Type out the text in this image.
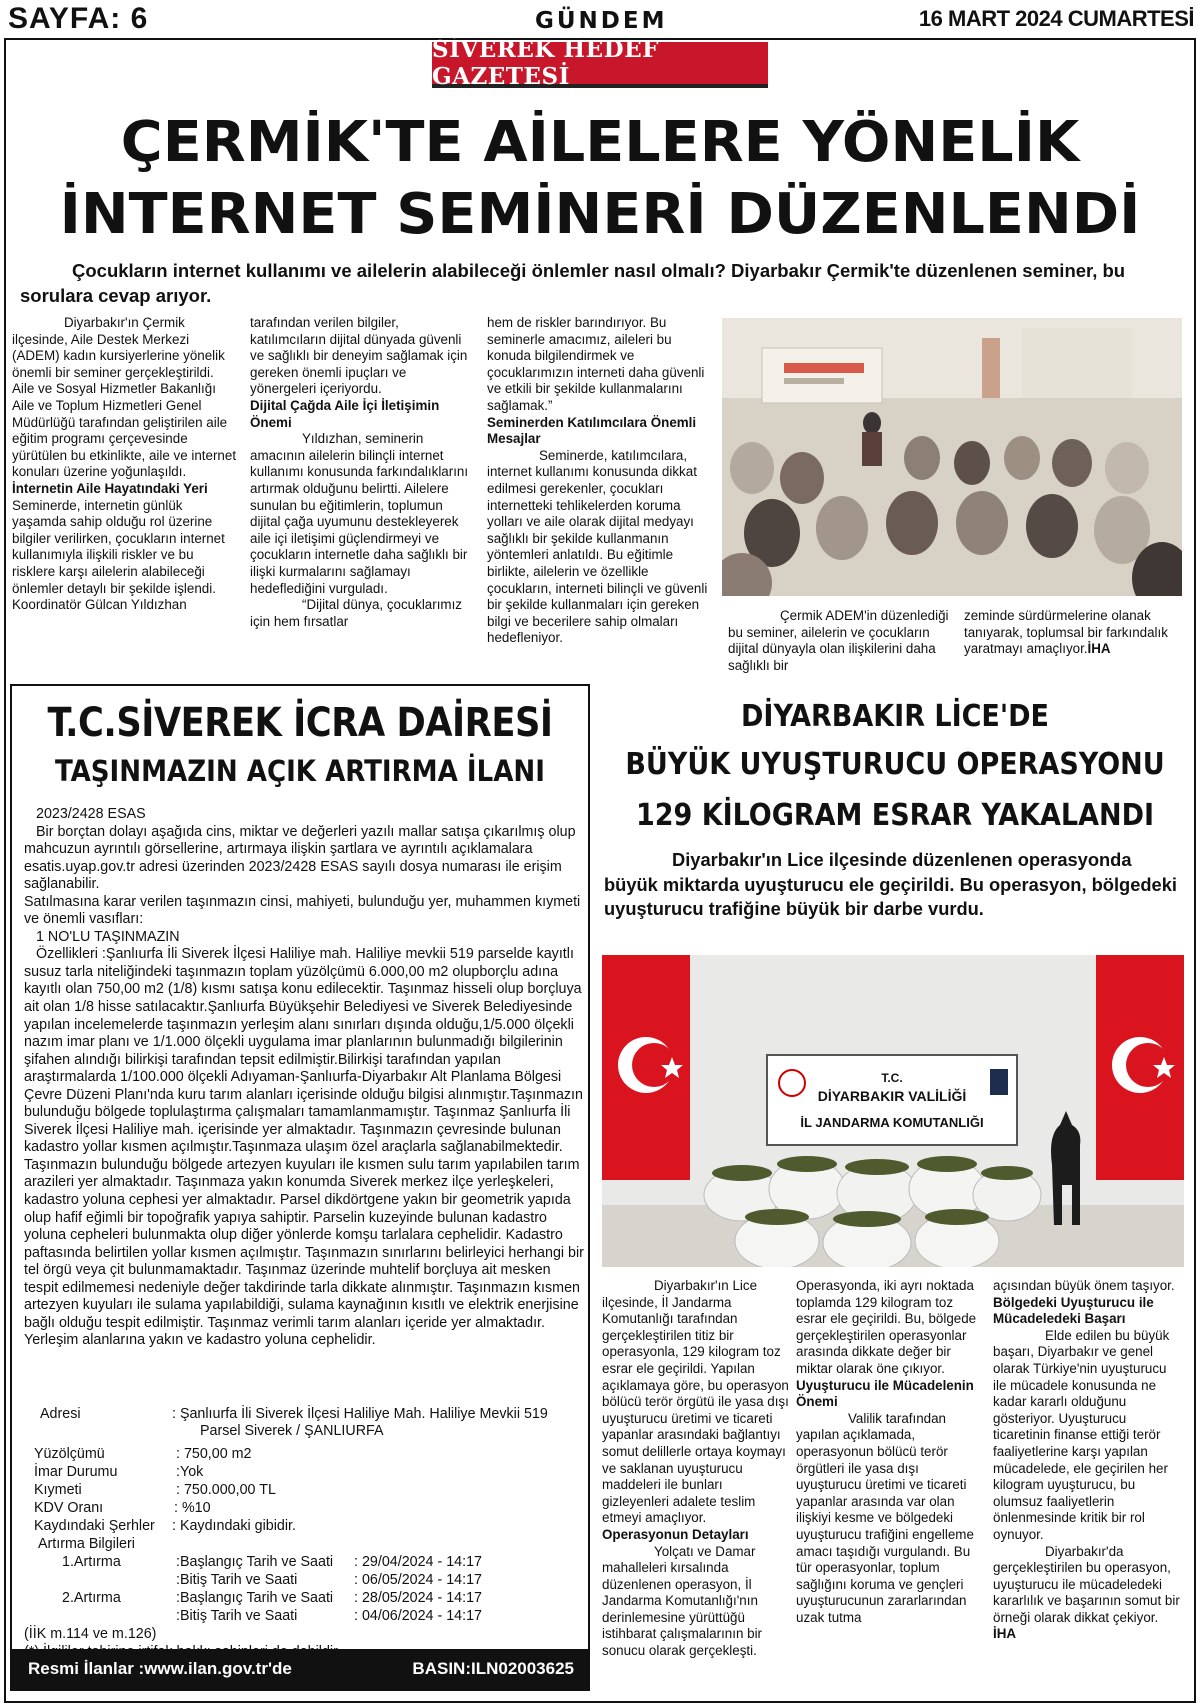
SAYFA: 6	GÜNDEM	16 MART 2024 CUMARTESİ
SİVEREK HEDEF GAZETESİ
ÇERMİK'TE AİLELERE YÖNELİK
İNTERNET SEMİNERİ DÜZENLENDİ
Çocukların internet kullanımı ve ailelerin alabileceği önlemler nasıl olmalı? Diyarbakır Çermik'te düzenlenen seminer, bu sorulara cevap arıyor.

Diyarbakır'ın Çermik ilçesinde, Aile Destek Merkezi (ADEM) kadın kursiyerlerine yönelik önemli bir seminer gerçekleştirildi. Aile ve Sosyal Hizmetler Bakanlığı Aile ve Toplum Hizmetleri Genel Müdürlüğü tarafından geliştirilen aile eğitim programı çerçevesinde yürütülen bu etkinlikte, aile ve internet konuları üzerine yoğunlaşıldı.

İnternetin Aile Hayatındaki Yeri

Seminerde, internetin günlük yaşamda sahip olduğu rol üzerine bilgiler verilirken, çocukların internet kullanımıyla ilişkili riskler ve bu risklere karşı ailelerin alabileceği önlemler detaylı bir şekilde işlendi. Koordinatör Gülcan Yıldızhan

tarafından verilen bilgiler, katılımcıların dijital dünyada güvenli ve sağlıklı bir deneyim sağlamak için gereken önemli ipuçları ve yönergeleri içeriyordu.

Dijital Çağda Aile İçi İletişimin Önemi

Yıldızhan, seminerin amacının ailelerin bilinçli internet kullanımı konusunda farkındalıklarını artırmak olduğunu belirtti. Ailelere sunulan bu eğitimlerin, toplumun dijital çağa uyumunu destekleyerek aile içi iletişimi güçlendirmeyi ve çocukların internetle daha sağlıklı bir ilişki kurmalarını sağlamayı hedeflediğini vurguladı.

“Dijital dünya, çocuklarımız için hem fırsatlar

hem de riskler barındırıyor. Bu seminerle amacımız, aileleri bu konuda bilgilendirmek ve çocuklarımızın interneti daha güvenli ve etkili bir şekilde kullanmalarını sağlamak.”

Seminerden Katılımcılara Önemli Mesajlar

Seminerde, katılımcılara, internet kullanımı konusunda dikkat edilmesi gerekenler, çocukları internetteki tehlikelerden koruma yolları ve aile olarak dijital medyayı sağlıklı bir şekilde kullanmanın yöntemleri anlatıldı. Bu eğitimle birlikte, ailelerin ve özellikle çocukların, interneti bilinçli ve güvenli bir şekilde kullanmaları için gereken bilgi ve becerilere sahip olmaları hedefleniyor.

Çermik ADEM'in düzenlediği bu seminer, ailelerin ve çocukların dijital dünyayla olan ilişkilerini daha sağlıklı bir
zeminde sürdürmelerine olanak tanıyarak, toplumsal bir farkındalık yaratmayı amaçlıyor.İHA
T.C.SİVEREK İCRA DAİRESİ
TAŞINMAZIN AÇIK ARTIRMA İLANI

2023/2428 ESAS

Bir borçtan dolayı aşağıda cins, miktar ve değerleri yazılı mallar satışa çıkarılmış olup mahcuzun ayrıntılı görsellerine, artırmaya ilişkin şartlara ve ayrıntılı açıklamalara esatis.uyap.gov.tr adresi üzerinden 2023/2428 ESAS sayılı dosya numarası ile erişim sağlanabilir.

Satılmasına karar verilen taşınmazın cinsi, mahiyeti, bulunduğu yer, muhammen kıymeti ve önemli vasıfları:

1 NO'LU TAŞINMAZIN

Özellikleri :Şanlıurfa İli Siverek İlçesi Haliliye mah. Haliliye mevkii 519 parselde kayıtlı susuz tarla niteliğindeki taşınmazın toplam yüzölçümü 6.000,00 m2 olupborçlu adına kayıtlı olan 750,00 m2 (1/8) kısmı satışa konu edilecektir. Taşınmaz hisseli olup borçluya ait olan 1/8 hisse satılacaktır.Şanlıurfa Büyükşehir Belediyesi ve Siverek Belediyesinde yapılan incelemelerde taşınmazın yerleşim alanı sınırları dışında olduğu,1/5.000 ölçekli nazım imar planı ve 1/1.000 ölçekli uygulama imar planlarının bulunmadığı bilgilerinin şifahen alındığı bilirkişi tarafından tepsit edilmiştir.Bilirkişi tarafından yapılan araştırmalarda 1/100.000 ölçekli Adıyaman-Şanlıurfa-Diyarbakır Alt Planlama Bölgesi Çevre Düzeni Planı'nda kuru tarım alanları içerisinde olduğu bilgisi alınmıştır.Taşınmazın bulunduğu bölgede toplulaştırma çalışmaları tamamlanmamıştır. Taşınmaz Şanlıurfa İli Siverek İlçesi Haliliye mah. içerisinde yer almaktadır. Taşınmazın çevresinde bulunan kadastro yollar kısmen açılmıştır.Taşınmaza ulaşım özel araçlarla sağlanabilmektedir. Taşınmazın bulunduğu bölgede artezyen kuyuları ile kısmen sulu tarım yapılabilen tarım arazileri yer almaktadır. Taşınmaza yakın konumda Siverek merkez ilçe yerleşkeleri, kadastro yoluna cephesi yer almaktadır. Parsel dikdörtgene yakın bir geometrik yapıda olup hafif eğimli bir topoğrafik yapıya sahiptir. Parselin kuzeyinde bulunan kadastro yoluna cepheleri bulunmakta olup diğer yönlerde komşu tarlalara cephelidir. Kadastro paftasında belirtilen yollar kısmen açılmıştır. Taşınmazın sınırlarını belirleyici herhangi bir tel örgü veya çit bulunmamaktadır. Taşınmaz üzerinde muhtelif borçluya ait mesken tespit edilmemesi nedeniyle değer takdirinde tarla dikkate alınmıştır. Taşınmazın kısmen artezyen kuyuları ile sulama yapılabildiği, sulama kaynağının kısıtlı ve elektrik enerjisine bağlı olduğu tespit edilmiştir. Taşınmaz verimli tarım alanları içeride yer almaktadır. Yerleşim alanlarına yakın ve kadastro yoluna cephelidir.

Adresi	: Şanlıurfa İli Siverek İlçesi Haliliye Mah. Haliliye Mevkii 519
Parsel Siverek / ŞANLIURFA
Yüzölçümü	: 750,00 m2
İmar Durumu	:Yok
Kıymeti	: 750.000,00 TL
KDV Oranı	: %10
Kaydındaki Şerhler : Kaydındaki gibidir.
Artırma Bilgileri
1.Artırma	:Başlangıç Tarih ve Saati : 29/04/2024 - 14:17
:Bitiş Tarih ve Saati	: 06/05/2024 - 14:17
2.Artırma	:Başlangıç Tarih ve Saati : 28/05/2024 - 14:17
:Bitiş Tarih ve Saati	: 04/06/2024 - 14:17
(İİK m.114 ve m.126)
Resmi İlanlar :www.ilan.gov.tr'de	BASIN:ILN02003625
DİYARBAKIR LİCE'DE
BÜYÜK UYUŞTURUCU OPERASYONU
129 KİLOGRAM ESRAR YAKALANDI
Diyarbakır'ın Lice ilçesinde düzenlenen operasyonda büyük miktarda uyuşturucu ele geçirildi. Bu operasyon, bölgedeki uyuşturucu trafiğine büyük bir darbe vurdu.
T.C.
DİYARBAKIR VALİLİĞİ
İL JANDARMA KOMUTANLIĞI

Diyarbakır'ın Lice ilçesinde, İl Jandarma Komutanlığı tarafından gerçekleştirilen titiz bir operasyonla, 129 kilogram toz esrar ele geçirildi. Yapılan açıklamaya göre, bu operasyon bölücü terör örgütü ile yasa dışı uyuşturucu üretimi ve ticareti yapanlar arasındaki bağlantıyı somut delillerle ortaya koymayı ve saklanan uyuşturucu maddeleri ile bunları gizleyenleri adalete teslim etmeyi amaçlıyor.

Operasyonun Detayları

Yolçatı ve Damar mahalleleri kırsalında düzenlenen operasyon, İl Jandarma Komutanlığı'nın derinlemesine yürüttüğü istihbarat çalışmalarının bir sonucu olarak gerçekleşti.

Operasyonda, iki ayrı noktada toplamda 129 kilogram toz esrar ele geçirildi. Bu, bölgede gerçekleştirilen operasyonlar arasında dikkate değer bir miktar olarak öne çıkıyor.

Uyuşturucu ile Mücadelenin Önemi

Valilik tarafından yapılan açıklamada, operasyonun bölücü terör örgütleri ile yasa dışı uyuşturucu üretimi ve ticareti yapanlar arasında var olan ilişkiyi kesme ve bölgedeki uyuşturucu trafiğini engelleme amacı taşıdığı vurgulandı. Bu tür operasyonlar, toplum sağlığını koruma ve gençleri uyuşturucunun zararlarından uzak tutma

açısından büyük önem taşıyor.

Bölgedeki Uyuşturucu ile Mücadeledeki Başarı

Elde edilen bu büyük başarı, Diyarbakır ve genel olarak Türkiye'nin uyuşturucu ile mücadele konusunda ne kadar kararlı olduğunu gösteriyor. Uyuşturucu ticaretinin finanse ettiği terör faaliyetlerine karşı yapılan mücadelede, ele geçirilen her kilogram uyuşturucu, bu olumsuz faaliyetlerin önlenmesinde kritik bir rol oynuyor.

Diyarbakır'da gerçekleştirilen bu operasyon, uyuşturucu ile mücadeledeki kararlılık ve başarının somut bir örneği olarak dikkat çekiyor. İHA
